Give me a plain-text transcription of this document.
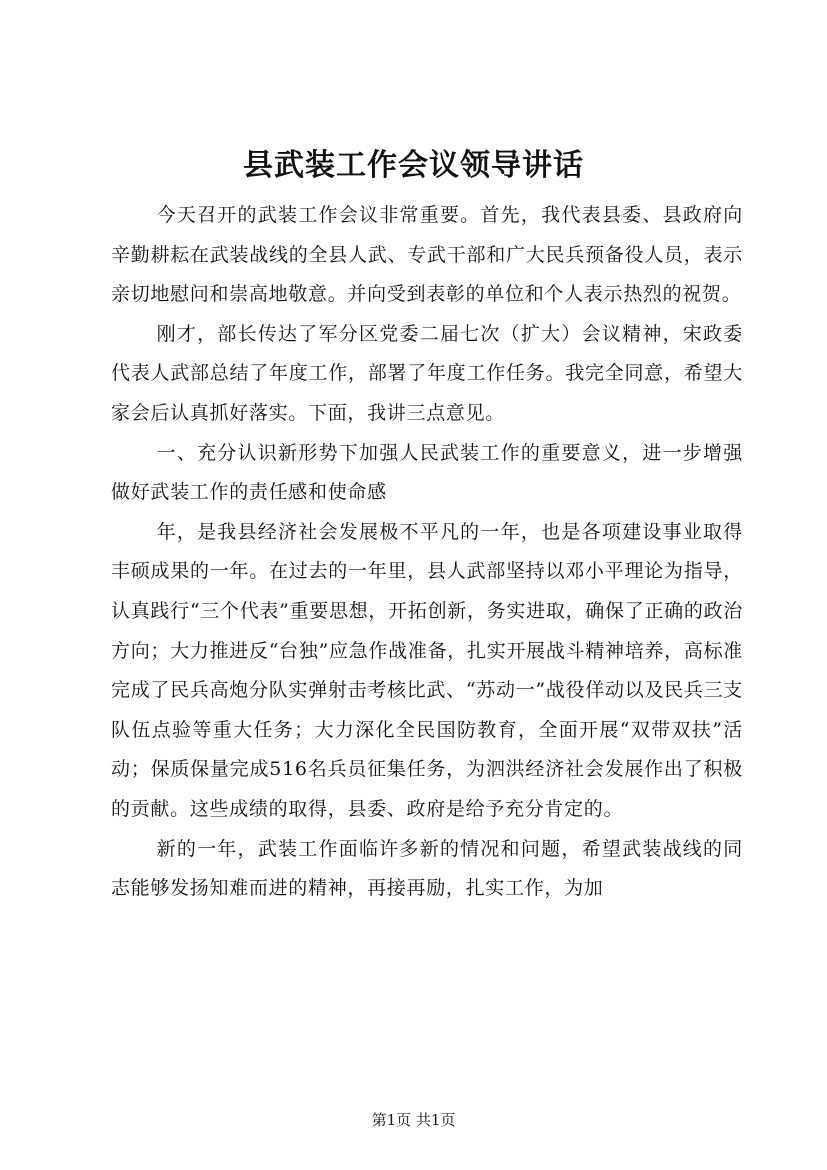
县武装工作会议领导讲话

今天召开的武装工作会议非常重要。首先，我代表县委、县政府向辛勤耕耘在武装战线的全县人武、专武干部和广大民兵预备役人员，表示亲切地慰问和崇高地敬意。并向受到表彰的单位和个人表示热烈的祝贺。

刚才，部长传达了军分区党委二届七次（扩大）会议精神，宋政委代表人武部总结了年度工作，部署了年度工作任务。我完全同意，希望大家会后认真抓好落实。下面，我讲三点意见。

一、充分认识新形势下加强人民武装工作的重要意义，进一步增强做好武装工作的责任感和使命感

年，是我县经济社会发展极不平凡的一年，也是各项建设事业取得丰硕成果的一年。在过去的一年里，县人武部坚持以邓小平理论为指导，认真践行“三个代表”重要思想，开拓创新，务实进取，确保了正确的政治方向；大力推进反“台独”应急作战准备，扎实开展战斗精神培养，高标准完成了民兵高炮分队实弹射击考核比武、“苏动一”战役佯动以及民兵三支队伍点验等重大任务；大力深化全民国防教育，全面开展“双带双扶”活动；保质保量完成516名兵员征集任务，为泗洪经济社会发展作出了积极的贡献。这些成绩的取得，县委、政府是给予充分肯定的。

新的一年，武装工作面临许多新的情况和问题，希望武装战线的同志能够发扬知难而进的精神，再接再励，扎实工作，为加

第1页 共1页
